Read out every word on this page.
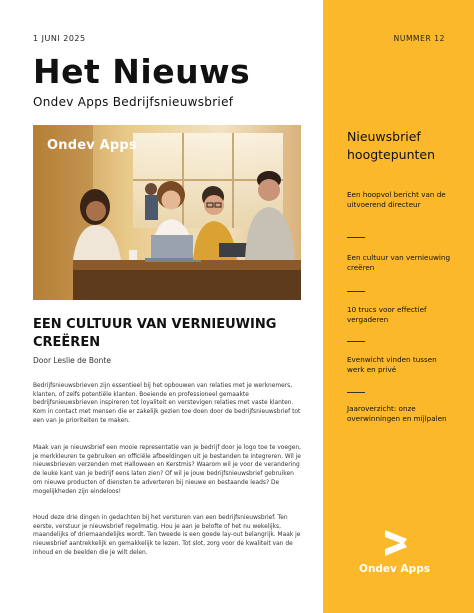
1 JUNI 2025
Het Nieuws
Ondev Apps Bedrijfsnieuwsbrief
Ondev Apps
EEN CULTUUR VAN VERNIEUWING CREËREN
Door Leslie de Bonte

Bedrijfsnieuwsbrieven zijn essentieel bij het opbouwen van relaties met je werknemers, klanten, of zelfs potentiële klanten. Boeiende en professioneel gemaakte bedrijfsnieuwsbrieven inspireren tot loyaliteit en verstevigen relaties met vaste klanten. Kom in contact met mensen die er zakelijk gezien toe doen door de bedrijfsnieuwsbrief tot een van je prioriteiten te maken.

Maak van je nieuwsbrief een mooie representatie van je bedrijf door je logo toe te voegen, je merkkleuren te gebruiken en officiële afbeeldingen uit je bestanden te integreren. Wil je nieuwsbrieven verzenden met Halloween en Kerstmis? Waarom wil je voor de verandering de leuke kant van je bedrijf eens laten zien? Of wil je jouw bedrijfsnieuwsbrief gebruiken om nieuwe producten of diensten te adverteren bij nieuwe en bestaande leads? De mogelijkheden zijn eindeloos!

Houd deze drie dingen in gedachten bij het versturen van een bedrijfsnieuwsbrief. Ten eerste, verstuur je nieuwsbrief regelmatig. Hou je aan je belofte of het nu wekelijks, maandelijks of driemaandelijks wordt. Ten tweede is een goede lay-out belangrijk. Maak je nieuwsbrief aantrekkelijk en gemakkelijk te lezen. Tot slot, zorg voor de kwaliteit van de inhoud en de beelden die je wilt delen.

NUMMER 12
Nieuwsbrief hoogtepunten
Een hoopvol bericht van de uitvoerend directeur
Een cultuur van vernieuwing creëren
10 trucs voor effectief vergaderen
Evenwicht vinden tussen werk en privé
Jaaroverzicht: onze overwinningen en mijlpalen
Ondev Apps
